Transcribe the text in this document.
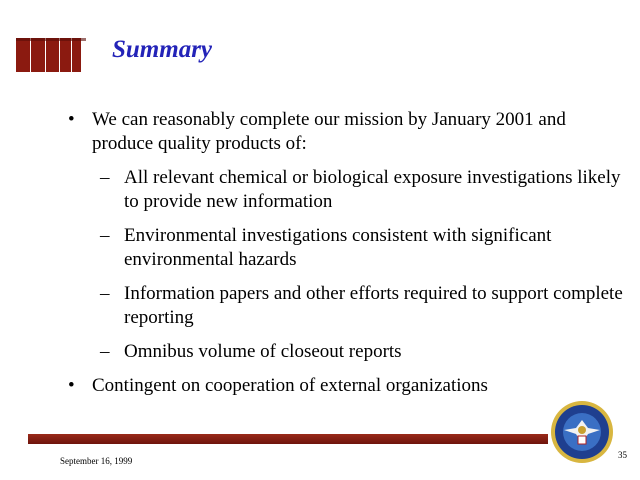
Summary
• We can reasonably complete our mission by January 2001 and produce quality products of:
– All relevant chemical or biological exposure investigations likely to provide new information
– Environmental investigations consistent with significant environmental hazards
– Information papers and other efforts required to support complete reporting
– Omnibus volume of closeout reports
• Contingent on cooperation of external organizations
September 16, 1999
35
